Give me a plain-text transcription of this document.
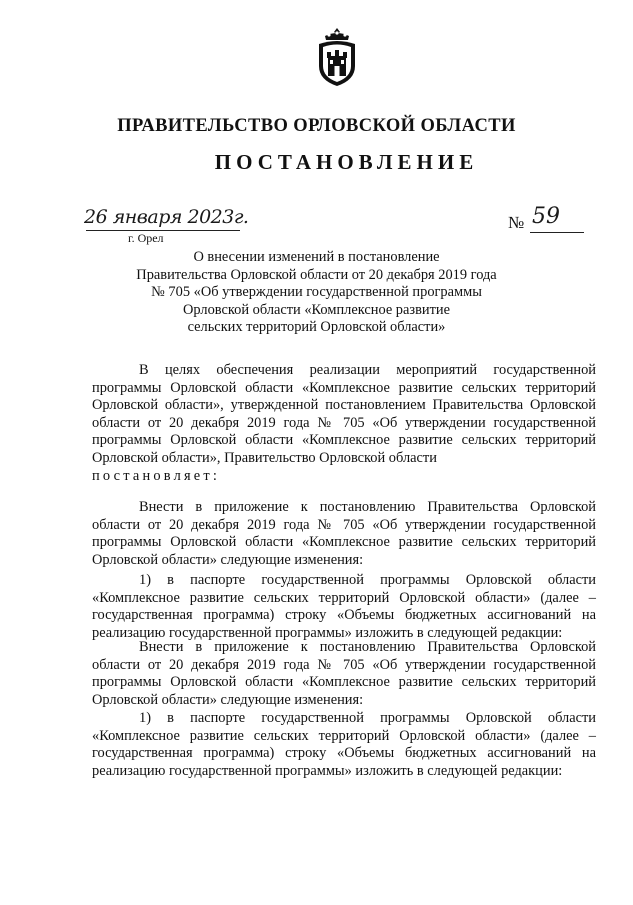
ПРАВИТЕЛЬСТВО ОРЛОВСКОЙ ОБЛАСТИ
ПОСТАНОВЛЕНИЕ
26 января 2023г.
г. Орел
№ 59
О внесении изменений в постановление
Правительства Орловской области от 20 декабря 2019 года
№ 705 «Об утверждении государственной программы
Орловской области «Комплексное развитие
сельских территорий Орловской области»

В целях обеспечения реализации мероприятий государственной программы Орловской области «Комплексное развитие сельских территорий Орловской области», утвержденной постановлением Правительства Орловской области от 20 декабря 2019 года № 705 «Об утверждении государственной программы Орловской области «Комплексное развитие сельских территорий Орловской области», Правительство Орловской области

постановляет:

Внести в приложение к постановлению Правительства Орловской области от 20 декабря 2019 года № 705 «Об утверждении государственной программы Орловской области «Комплексное развитие сельских территорий Орловской области» следующие изменения:

1) в паспорте государственной программы Орловской области «Комплексное развитие сельских территорий Орловской области» (далее – государственная программа) строку «Объемы бюджетных ассигнований на реализацию государственной программы» изложить в следующей редакции:

Внести в приложение к постановлению Правительства Орловской области от 20 декабря 2019 года № 705 «Об утверждении государственной программы Орловской области «Комплексное развитие сельских территорий Орловской области» следующие изменения:

1) в паспорте государственной программы Орловской области «Комплексное развитие сельских территорий Орловской области» (далее – государственная программа) строку «Объемы бюджетных ассигнований на реализацию государственной программы» изложить в следующей редакции:
